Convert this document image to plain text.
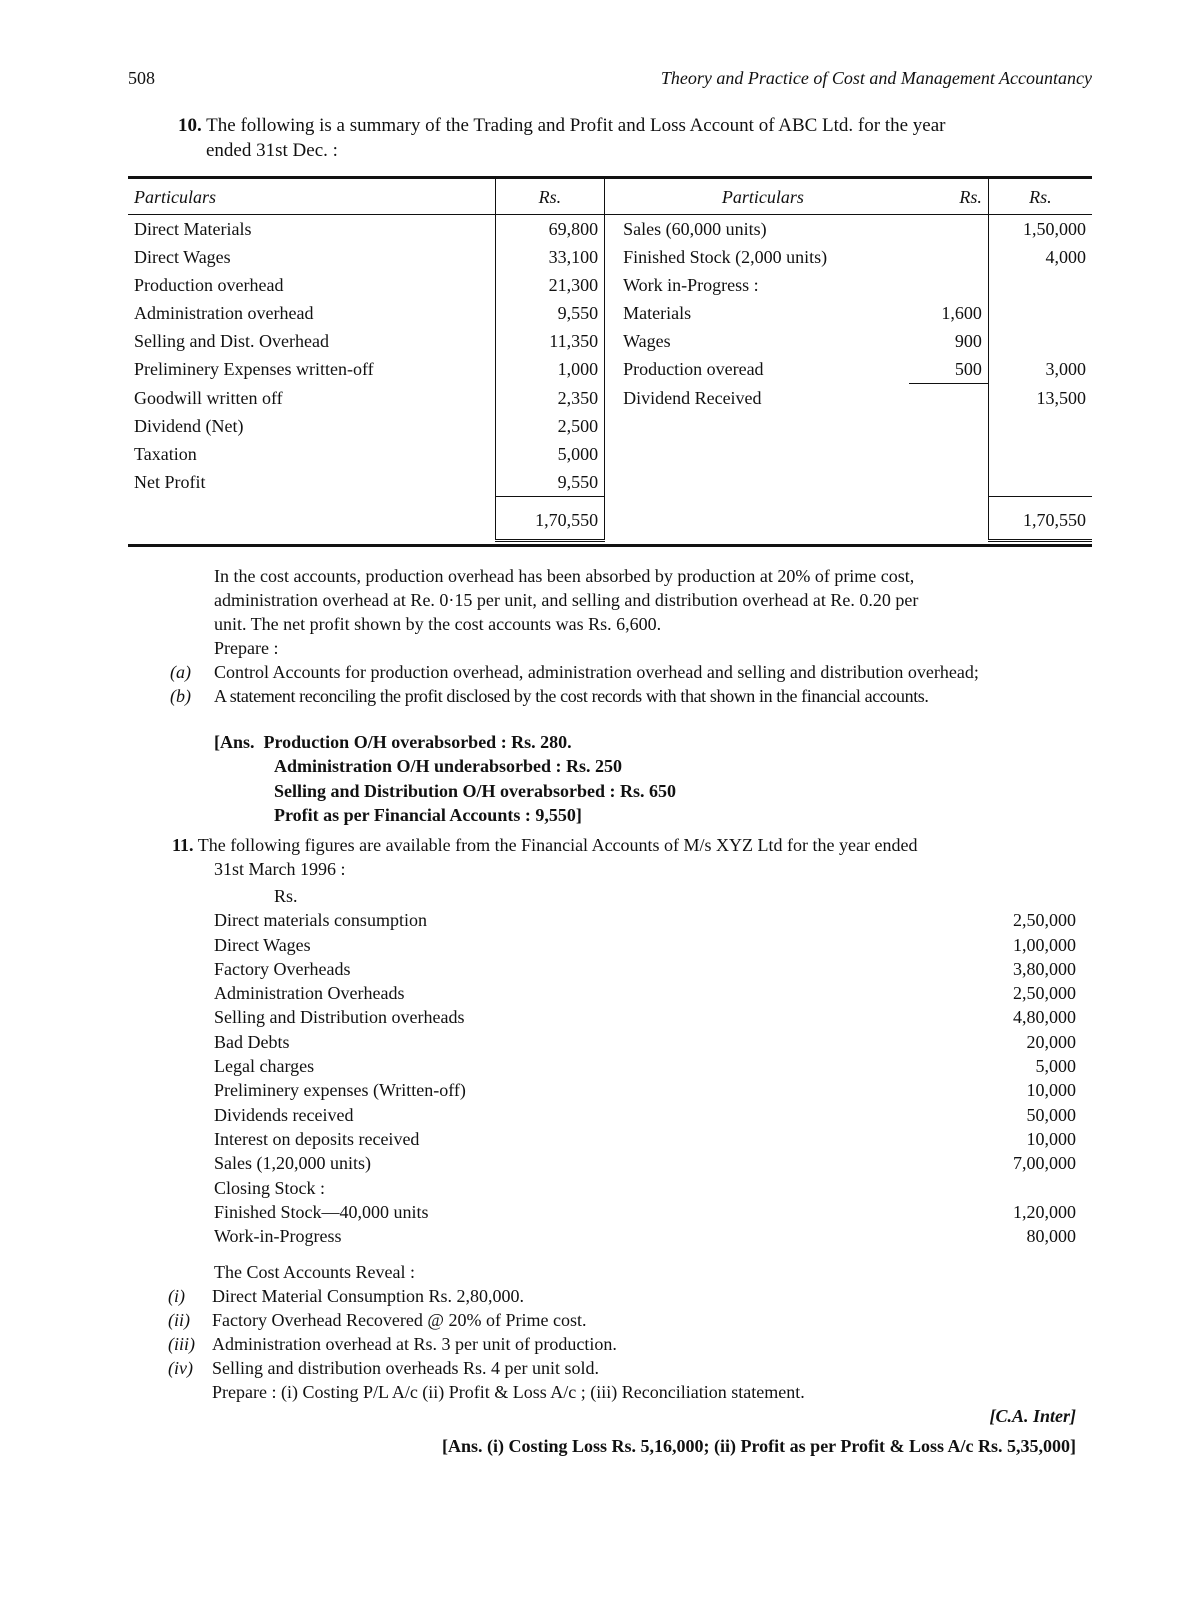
508	Theory and Practice of Cost and Management Accountancy
10. The following is a summary of the Trading and Profit and Loss Account of ABC Ltd. for the year
ended 31st Dec. :
Particulars	Rs.	Particulars	Rs.	Rs.
Direct Materials	69,800	Sales (60,000 units)		1,50,000
Direct Wages	33,100	Finished Stock (2,000 units)		4,000
Production overhead	21,300	Work in-Progress :		
Administration overhead	9,550	Materials	1,600	
Selling and Dist. Overhead	11,350	Wages	900	
Preliminery Expenses written-off	1,000	Production overead	500	3,000
Goodwill written off	2,350	Dividend Received		13,500
Dividend (Net)	2,500			
Taxation	5,000			
Net Profit	9,550			
	1,70,550			1,70,550

In the cost accounts, production overhead has been absorbed by production at 20% of prime cost,
administration overhead at Re. 0·15 per unit, and selling and distribution overhead at Re. 0.20 per
unit. The net profit shown by the cost accounts was Rs. 6,600.
Prepare :
(a)	Control Accounts for production overhead, administration overhead and selling and distribution overhead;
(b)	A statement reconciling the profit disclosed by the cost records with that shown in the financial accounts.
[Ans. Production O/H overabsorbed : Rs. 280.
Administration O/H underabsorbed : Rs. 250
Selling and Distribution O/H overabsorbed : Rs. 650
Profit as per Financial Accounts : 9,550]
11. The following figures are available from the Financial Accounts of M/s XYZ Ltd for the year ended
31st March 1996 :
Rs.
Direct materials consumption	2,50,000
Direct Wages	1,00,000
Factory Overheads	3,80,000
Administration Overheads	2,50,000
Selling and Distribution overheads	4,80,000
Bad Debts	20,000
Legal charges	5,000
Preliminery expenses (Written-off)	10,000
Dividends received	50,000
Interest on deposits received	10,000
Sales (1,20,000 units)	7,00,000
Closing Stock :
Finished Stock—40,000 units	1,20,000
Work-in-Progress	80,000
The Cost Accounts Reveal :
(i)	Direct Material Consumption Rs. 2,80,000.
(ii)	Factory Overhead Recovered @ 20% of Prime cost.
(iii) Administration overhead at Rs. 3 per unit of production.
(iv)	Selling and distribution overheads Rs. 4 per unit sold.
Prepare : (i) Costing P/L A/c (ii) Profit & Loss A/c ; (iii) Reconciliation statement.
[C.A. Inter]
[Ans. (i) Costing Loss Rs. 5,16,000; (ii) Profit as per Profit & Loss A/c Rs. 5,35,000]
